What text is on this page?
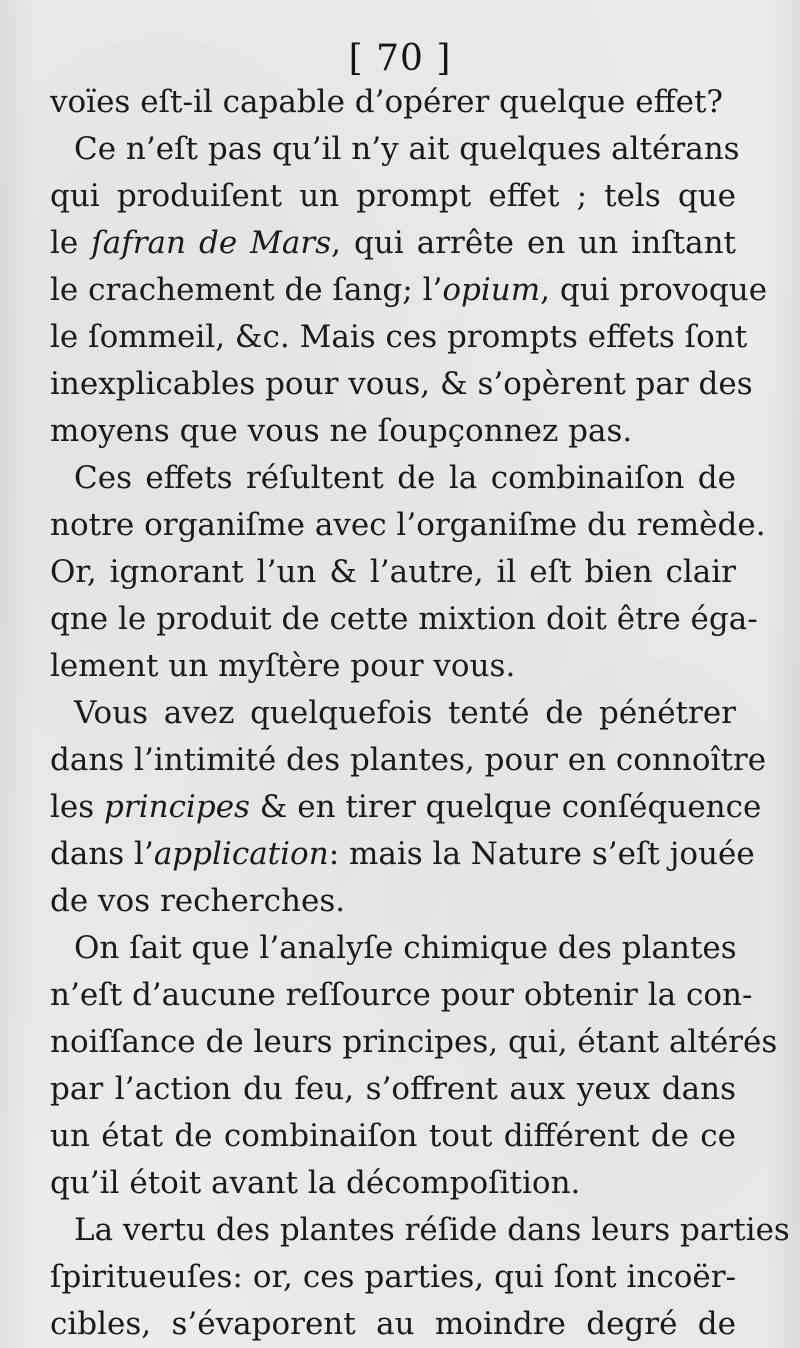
[ 70 ]
voïes eſt-il capable d’opérer quelque effet?
Ce n’eſt pas qu’il n’y ait quelques altérans
qui produiſent un prompt effet ; tels que
le ſafran de Mars, qui arrête en un inſtant
le crachement de ſang; l’opium, qui provoque
le ſommeil, &c. Mais ces prompts effets ſont
inexplicables pour vous, & s’opèrent par des
moyens que vous ne ſoupçonnez pas.
Ces effets réſultent de la combinaiſon de
notre organiſme avec l’organiſme du remède.
Or, ignorant l’un & l’autre, il eſt bien clair
qne le produit de cette mixtion doit être éga-
lement un myſtère pour vous.
Vous avez quelquefois tenté de pénétrer
dans l’intimité des plantes, pour en connoître
les principes & en tirer quelque conſéquence
dans l’application: mais la Nature s’eſt jouée
de vos recherches.
On ſait que l’analyſe chimique des plantes
n’eſt d’aucune reſſource pour obtenir la con-
noiſſance de leurs principes, qui, étant altérés
par l’action du feu, s’offrent aux yeux dans
un état de combinaiſon tout différent de ce
qu’il étoit avant la décompoſition.
La vertu des plantes réſide dans leurs parties
ſpiritueuſes: or, ces parties, qui ſont incoër-
cibles, s’évaporent au moindre degré de
